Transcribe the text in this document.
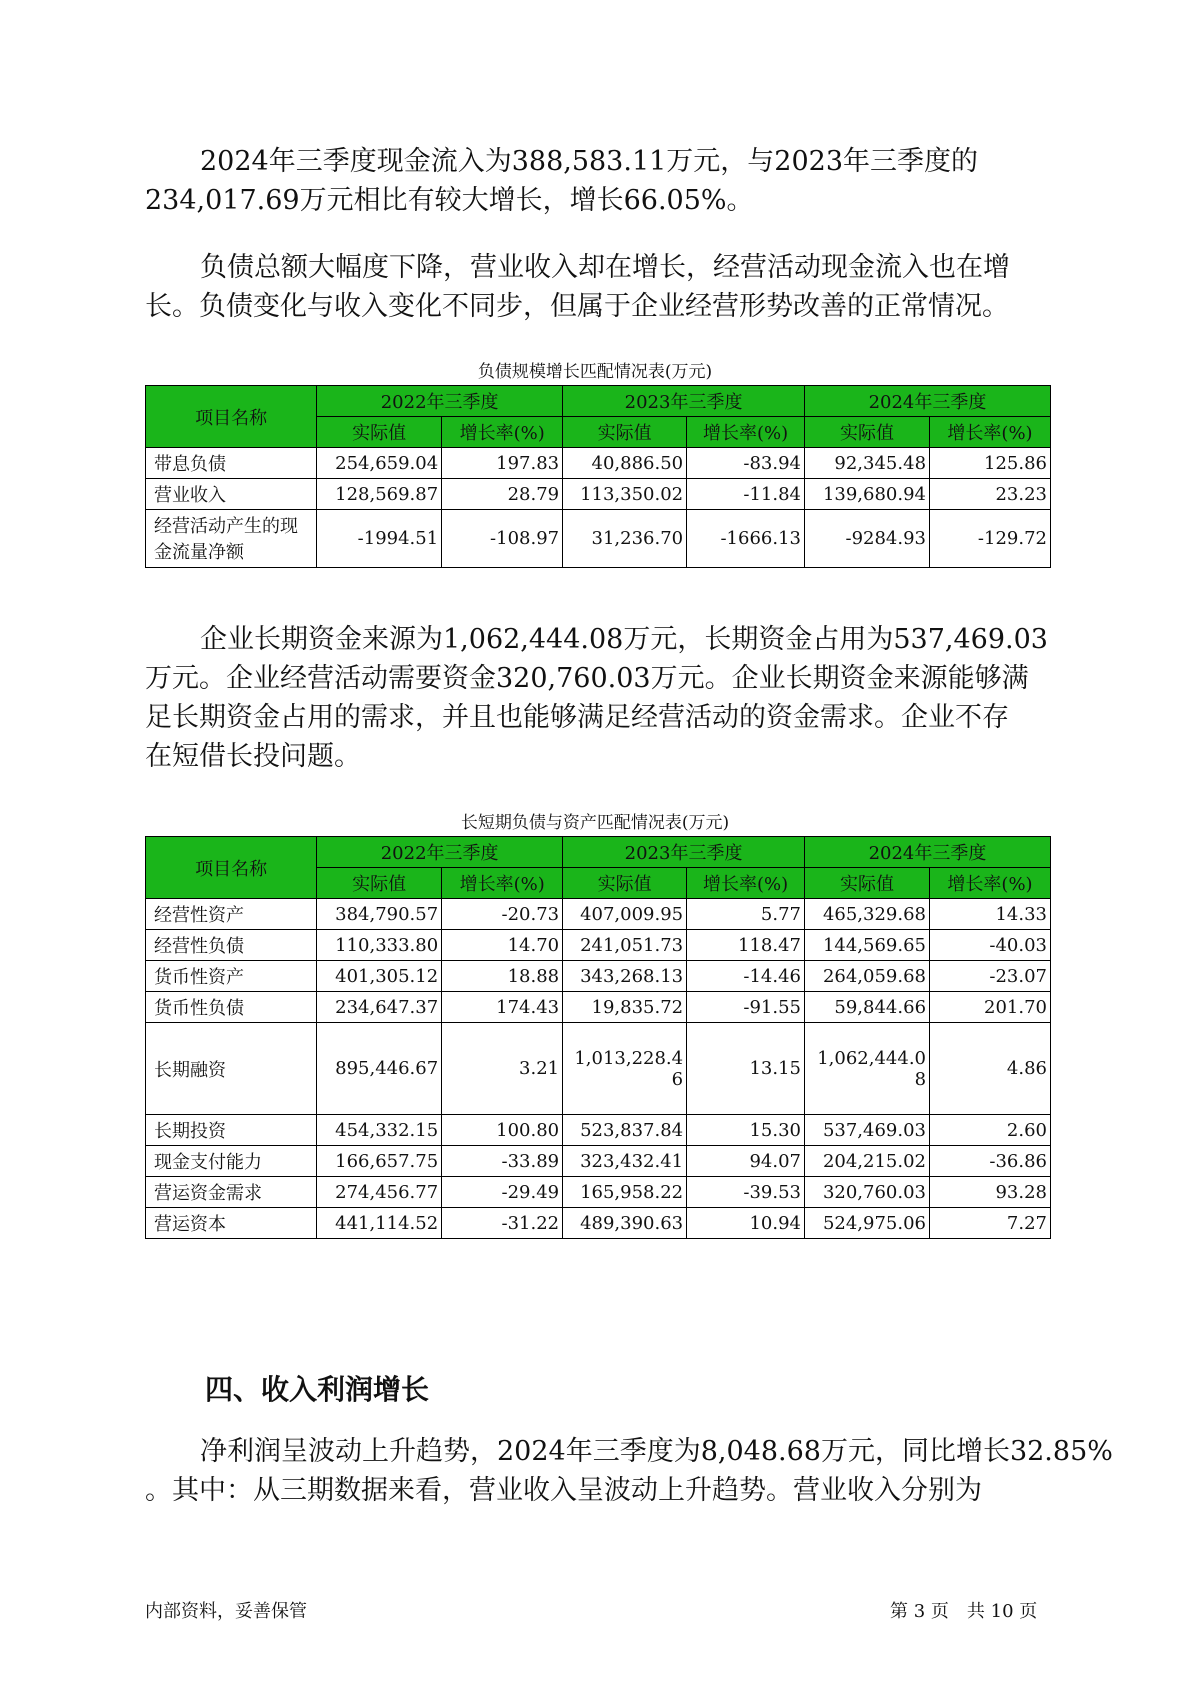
2024年三季度现金流入为388,583.11万元，与2023年三季度的
234,017.69万元相比有较大增长，增长66.05%。
负债总额大幅度下降，营业收入却在增长，经营活动现金流入也在增
长。负债变化与收入变化不同步，但属于企业经营形势改善的正常情况。
负债规模增长匹配情况表(万元)
项目名称	2022年三季度		2023年三季度		2024年三季度	
	实际值	增长率(%)	实际值	增长率(%)	实际值	增长率(%)
带息负债	254,659.04	197.83	40,886.50	-83.94	92,345.48	125.86
营业收入	128,569.87	28.79	113,350.02	-11.84	139,680.94	23.23
经营活动产生的现金流量净额	-1994.51	-108.97	31,236.70	-1666.13	-9284.93	-129.72
企业长期资金来源为1,062,444.08万元，长期资金占用为537,469.03
万元。企业经营活动需要资金320,760.03万元。企业长期资金来源能够满
足长期资金占用的需求，并且也能够满足经营活动的资金需求。企业不存
在短借长投问题。
长短期负债与资产匹配情况表(万元)
项目名称	2022年三季度		2023年三季度		2024年三季度	
	实际值	增长率(%)	实际值	增长率(%)	实际值	增长率(%)
经营性资产	384,790.57	-20.73	407,009.95	5.77	465,329.68	14.33
经营性负债	110,333.80	14.70	241,051.73	118.47	144,569.65	-40.03
货币性资产	401,305.12	18.88	343,268.13	-14.46	264,059.68	-23.07
货币性负债	234,647.37	174.43	19,835.72	-91.55	59,844.66	201.70
长期融资	895,446.67	3.21	1,013,228.46	13.15	1,062,444.08	4.86
长期投资	454,332.15	100.80	523,837.84	15.30	537,469.03	2.60
现金支付能力	166,657.75	-33.89	323,432.41	94.07	204,215.02	-36.86
营运资金需求	274,456.77	-29.49	165,958.22	-39.53	320,760.03	93.28
营运资本	441,114.52	-31.22	489,390.63	10.94	524,975.06	7.27
四、收入利润增长
净利润呈波动上升趋势，2024年三季度为8,048.68万元，同比增长32.85%
。其中：从三期数据来看，营业收入呈波动上升趋势。营业收入分别为
内部资料，妥善保管	第 3 页　共 10 页
